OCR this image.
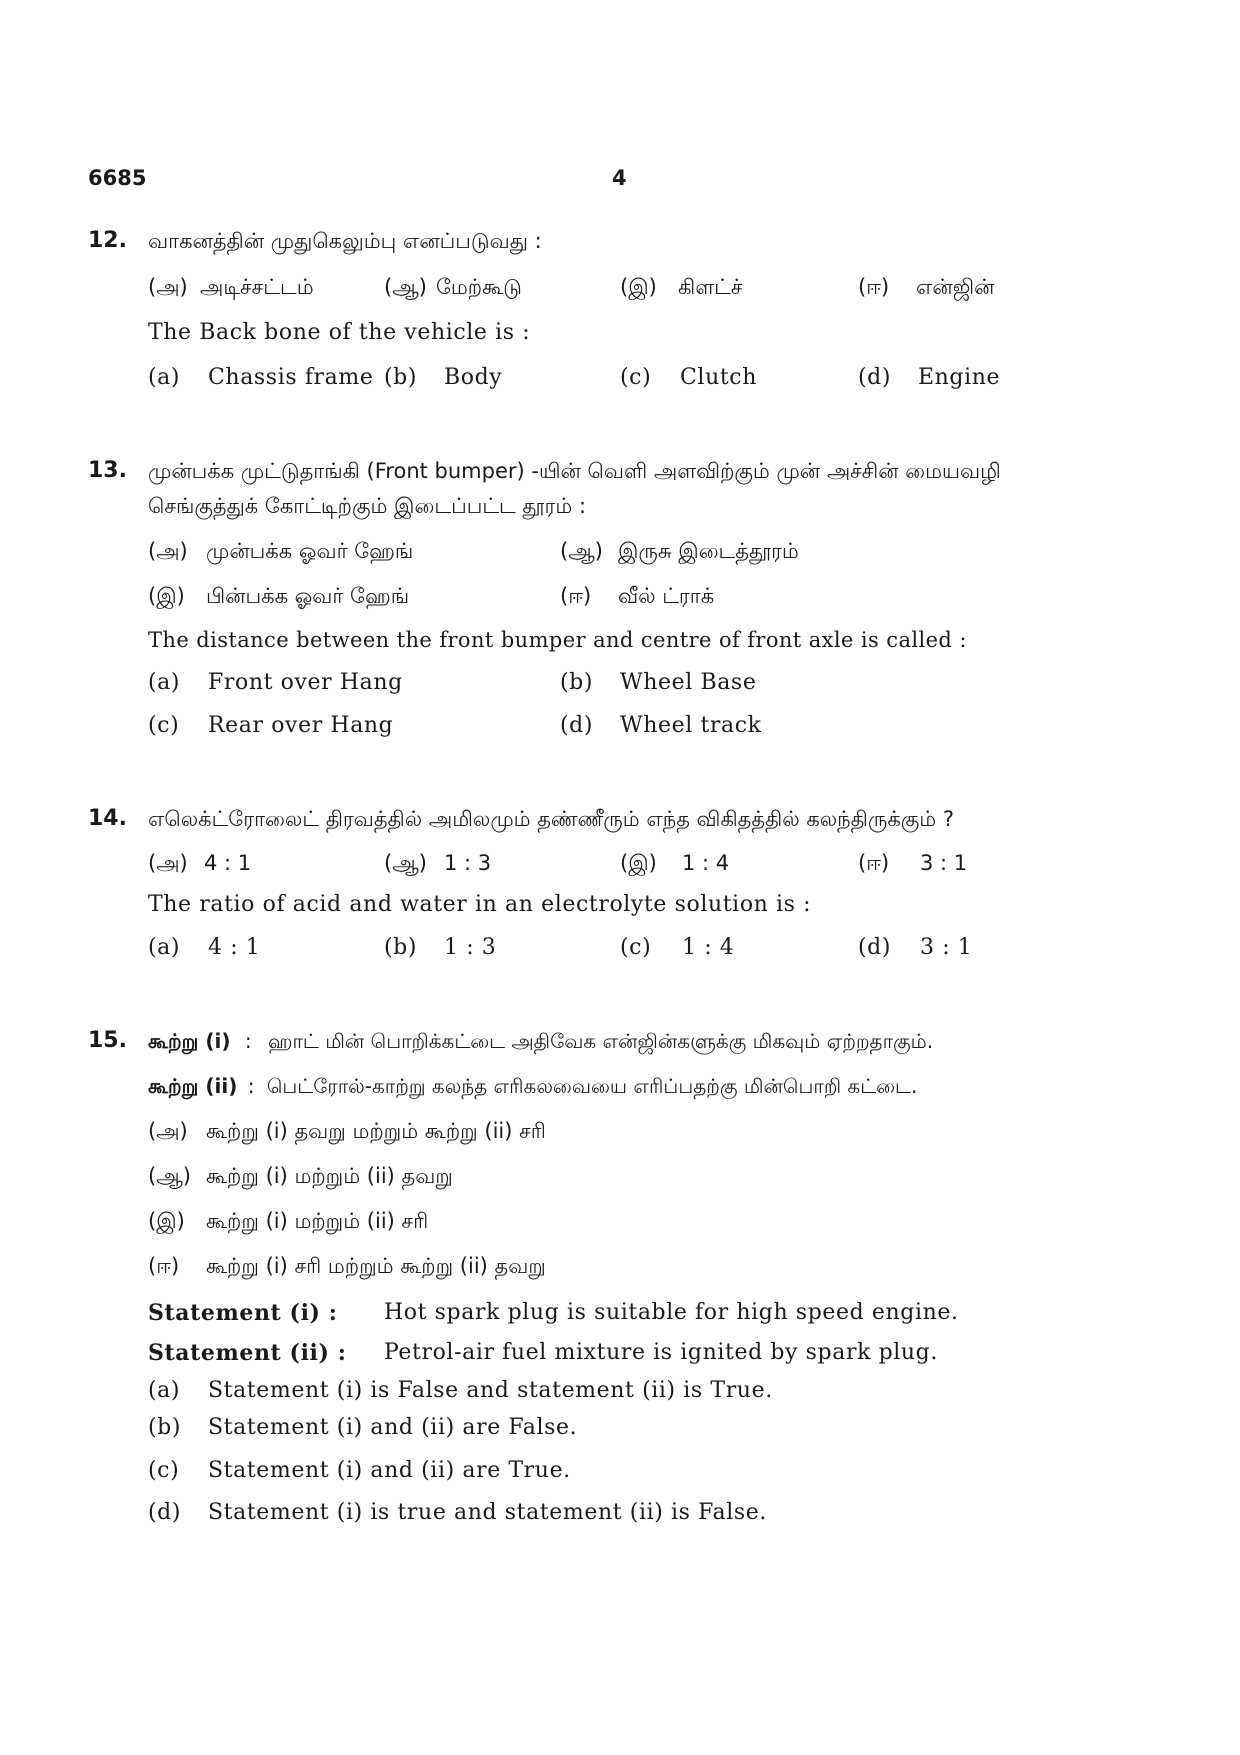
6685	4
12. வாகனத்தின் முதுகெலும்பு எனப்படுவது :
(அ) அடிச்சட்டம்	(ஆ) மேற்கூடு	(இ) கிளட்ச்	(ஈ) என்ஜின்
The Back bone of the vehicle is :
(a) Chassis frame (b) Body	(c) Clutch	(d) Engine
13. முன்பக்க முட்டுதாங்கி (Front bumper) -யின் வெளி அளவிற்கும் முன் அச்சின் மையவழி
செங்குத்துக் கோட்டிற்கும் இடைப்பட்ட தூரம் :
(அ) முன்பக்க ஓவர் ஹேங்	(ஆ) இருசு இடைத்தூரம்
(இ) பின்பக்க ஓவர் ஹேங்	(ஈ) வீல் ட்ராக்
The distance between the front bumper and centre of front axle is called :
(a) Front over Hang	(b) Wheel Base
(c) Rear over Hang	(d) Wheel track
14. எலெக்ட்ரோலைட் திரவத்தில் அமிலமும் தண்ணீரும் எந்த விகிதத்தில் கலந்திருக்கும் ?
(அ) 4 : 1	(ஆ) 1 : 3	(இ) 1 : 4	(ஈ) 3 : 1
The ratio of acid and water in an electrolyte solution is :
(a) 4 : 1	(b) 1 : 3	(c) 1 : 4	(d) 3 : 1
15. கூற்று (i) : ஹாட் மின் பொறிக்கட்டை அதிவேக என்ஜின்களுக்கு மிகவும் ஏற்றதாகும்.
கூற்று (ii) : பெட்ரோல்-காற்று கலந்த எரிகலவையை எரிப்பதற்கு மின்பொறி கட்டை.
(அ) கூற்று (i) தவறு மற்றும் கூற்று (ii) சரி
(ஆ) கூற்று (i) மற்றும் (ii) தவறு
(இ) கூற்று (i) மற்றும் (ii) சரி
(ஈ) கூற்று (i) சரி மற்றும் கூற்று (ii) தவறு
Statement (i) : Hot spark plug is suitable for high speed engine.
Statement (ii) : Petrol-air fuel mixture is ignited by spark plug.
(a) Statement (i) is False and statement (ii) is True.
(b) Statement (i) and (ii) are False.
(c) Statement (i) and (ii) are True.
(d) Statement (i) is true and statement (ii) is False.
